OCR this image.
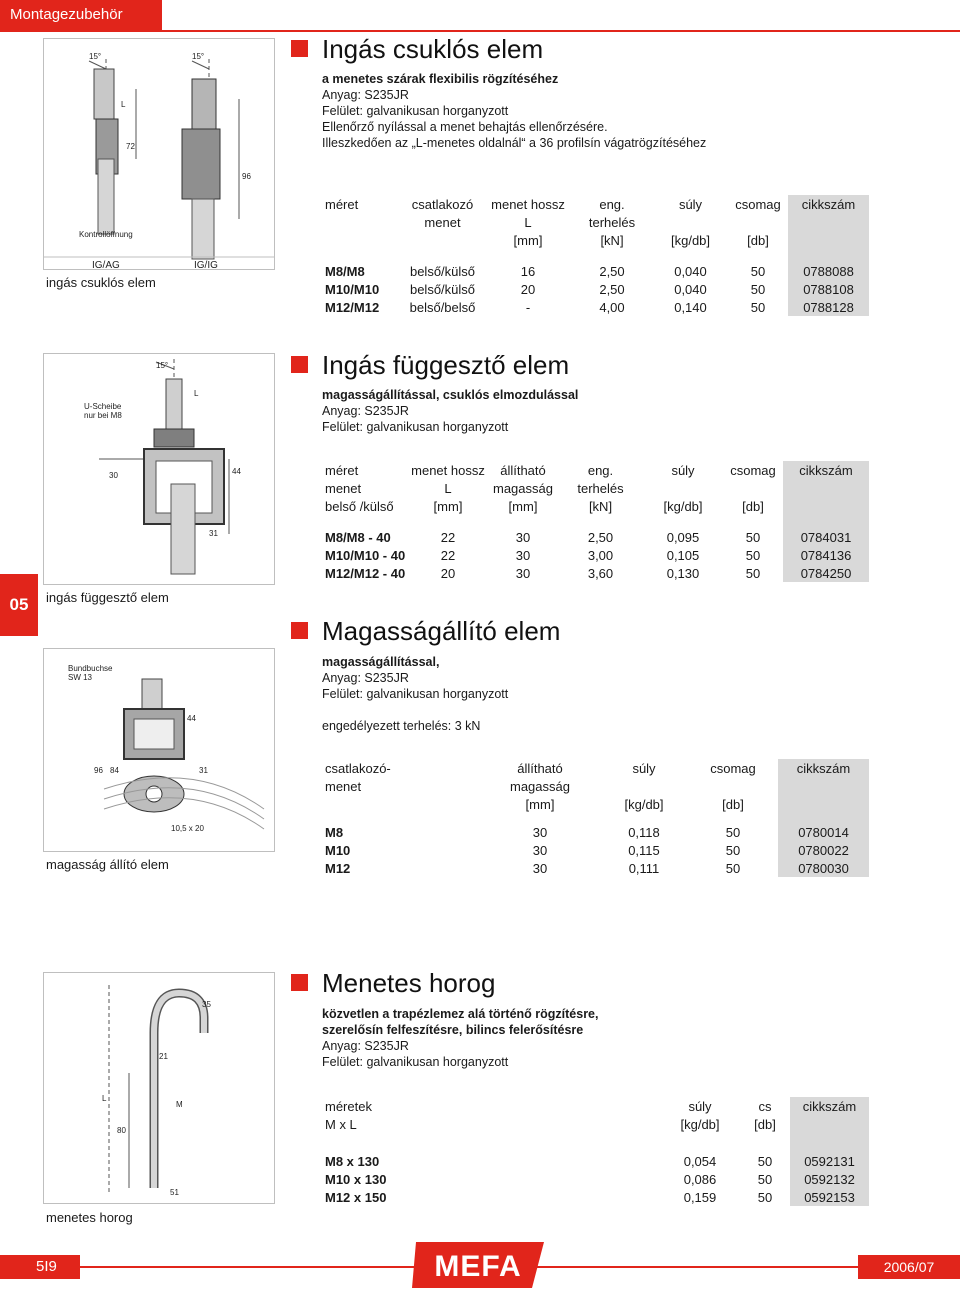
Montagezubehör
05
15°	15°
L
72
96
Kontrollöffnung
IG/AG	IG/IG
ingás csuklós elem
Ingás csuklós elem
a menetes szárak flexibilis rögzítéséhez
Anyag: S235JR
Felület: galvanikusan horganyzott
Ellenőrző nyílással a menet behajtás ellenőrzésére.
Illeszkedően az „L-menetes oldalnál“ a 36 profilsín vágatrögzítéséhez
méret	csatlakozó	menet hossz	eng.	súly	csomag	cikkszám
	menet	L	terhelés			
		[mm]	[kN]	[kg/db]	[db]	

M8/M8	belső/külső	16	2,50	0,040	50	0788088
M10/M10	belső/külső	20	2,50	0,040	50	0788108
M12/M12	belső/belső	-	4,00	0,140	50	0788128
15°
L
U-Scheibe
nur bei M8
30	44
31
ingás függesztő elem
Ingás függesztő elem
magasságállítással, csuklós elmozdulással
Anyag: S235JR
Felület: galvanikusan horganyzott
méret	menet hossz	állítható	eng.	súly	csomag	cikkszám
menet	L	magasság	terhelés			
belső /külső	[mm]	[mm]	[kN]	[kg/db]	[db]	

M8/M8 - 40	22	30	2,50	0,095	50	0784031
M10/M10 - 40	22	30	3,00	0,105	50	0784136
M12/M12 - 40	20	30	3,60	0,130	50	0784250
Bundbuchse
SW 13
44
96 84	31
10,5 x 20
magasság állító elem
Magasságállító elem
magasságállítással,
Anyag: S235JR
Felület: galvanikusan horganyzott
engedélyezett terhelés: 3 kN
csatlakozó-	állítható	súly	csomag	cikkszám
menet	magasság			
	[mm]	[kg/db]	[db]	

M8	30	0,118	50	0780014
M10	30	0,115	50	0780022
M12	30	0,111	50	0780030
35
21
L
M
80
51
menetes horog
Menetes horog
közvetlen a trapézlemez alá történő rögzítésre,
szerelősín felfeszítésre, bilincs felerősítésre
Anyag: S235JR
Felület: galvanikusan horganyzott
méretek	súly	cs	cikkszám
M x L	[kg/db]	[db]	

M8 x 130	0,054	50	0592131
M10 x 130	0,086	50	0592132
M12 x 150	0,159	50	0592153
5I9	MEFA	2006/07
